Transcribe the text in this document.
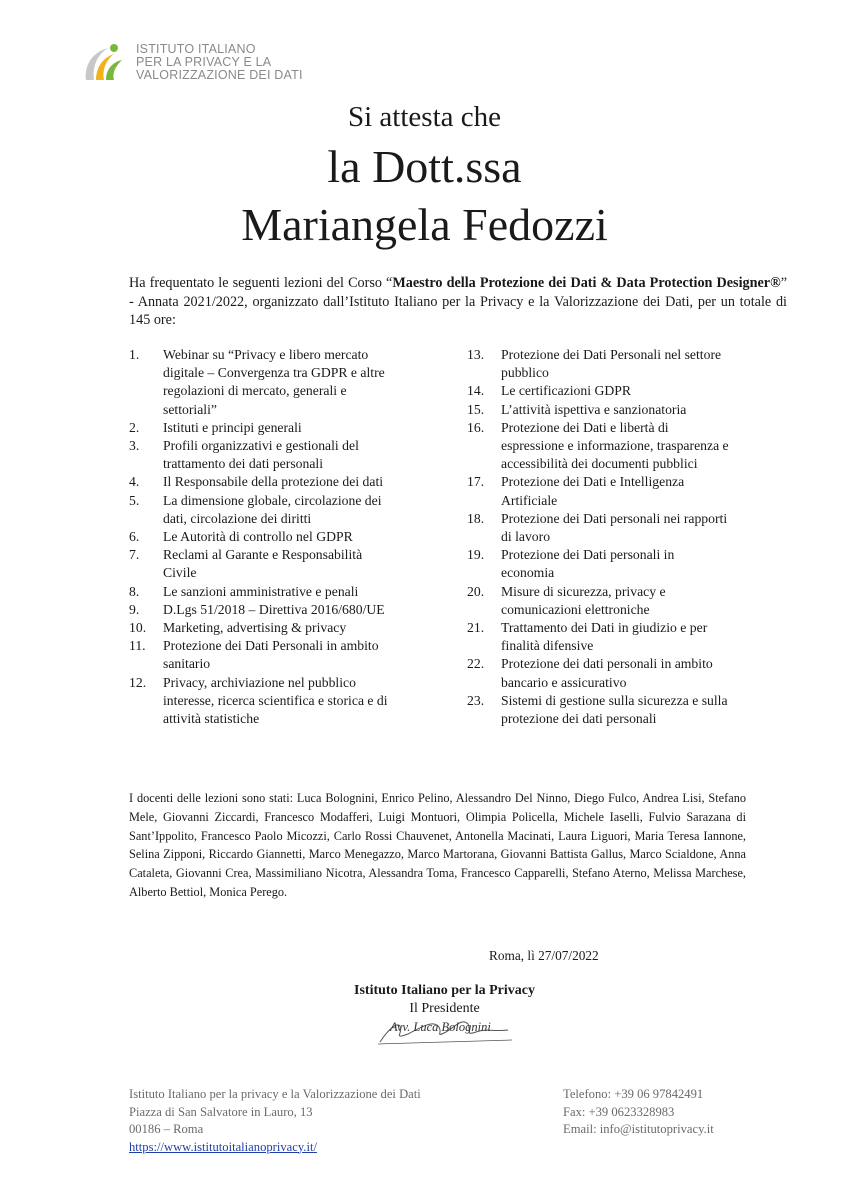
ISTITUTO ITALIANO
PER LA PRIVACY E LA
VALORIZZAZIONE DEI DATI
Si attesta che
la Dott.ssa
Mariangela Fedozzi
Ha frequentato le seguenti lezioni del Corso “Maestro della Protezione dei Dati & Data Protection Designer®” - Annata 2021/2022, organizzato dall’Istituto Italiano per la Privacy e la Valorizzazione dei Dati, per un totale di 145 ore:
1.	Webinar su “Privacy e libero mercato digitale – Convergenza tra GDPR e altre regolazioni di mercato, generali e settoriali”
2.	Istituti e principi generali
3.	Profili organizzativi e gestionali del trattamento dei dati personali
4.	Il Responsabile della protezione dei dati
5.	La dimensione globale, circolazione dei dati, circolazione dei diritti
6.	Le Autorità di controllo nel GDPR
7.	Reclami al Garante e Responsabilità Civile
8.	Le sanzioni amministrative e penali
9.	D.Lgs 51/2018 – Direttiva 2016/680/UE
10.	Marketing, advertising & privacy
11.	Protezione dei Dati Personali in ambito sanitario
12.	Privacy, archiviazione nel pubblico interesse, ricerca scientifica e storica e di attività statistiche
13.	Protezione dei Dati Personali nel settore pubblico
14.	Le certificazioni GDPR
15.	L’attività ispettiva e sanzionatoria
16.	Protezione dei Dati e libertà di espressione e informazione, trasparenza e accessibilità dei documenti pubblici
17.	Protezione dei Dati e Intelligenza Artificiale
18.	Protezione dei Dati personali nei rapporti di lavoro
19.	Protezione dei Dati personali in economia
20.	Misure di sicurezza, privacy e comunicazioni elettroniche
21.	Trattamento dei Dati in giudizio e per finalità difensive
22.	Protezione dei dati personali in ambito bancario e assicurativo
23.	Sistemi di gestione sulla sicurezza e sulla protezione dei dati personali
I docenti delle lezioni sono stati: Luca Bolognini, Enrico Pelino, Alessandro Del Ninno, Diego Fulco, Andrea Lisi, Stefano Mele, Giovanni Ziccardi, Francesco Modafferi, Luigi Montuori, Olimpia Policella, Michele Iaselli, Fulvio Sarazana di Sant’Ippolito, Francesco Paolo Micozzi, Carlo Rossi Chauvenet, Antonella Macinati, Laura Liguori, Maria Teresa Iannone, Selina Zipponi, Riccardo Giannetti, Marco Menegazzo, Marco Martorana, Giovanni Battista Gallus, Marco Scialdone, Anna Cataleta, Giovanni Crea, Massimiliano Nicotra, Alessandra Toma, Francesco Capparelli, Stefano Aterno, Melissa Marchese, Alberto Bettiol, Monica Perego.
Roma, lì 27/07/2022
Istituto Italiano per la Privacy
Il Presidente
Avv. Luca Bolognini
Istituto Italiano per la privacy e la Valorizzazione dei Dati
Piazza di San Salvatore in Lauro, 13
00186 – Roma
https://www.istitutoitalianoprivacy.it/
Telefono: +39 06 97842491
Fax: +39 0623328983
Email: info@istitutoprivacy.it
